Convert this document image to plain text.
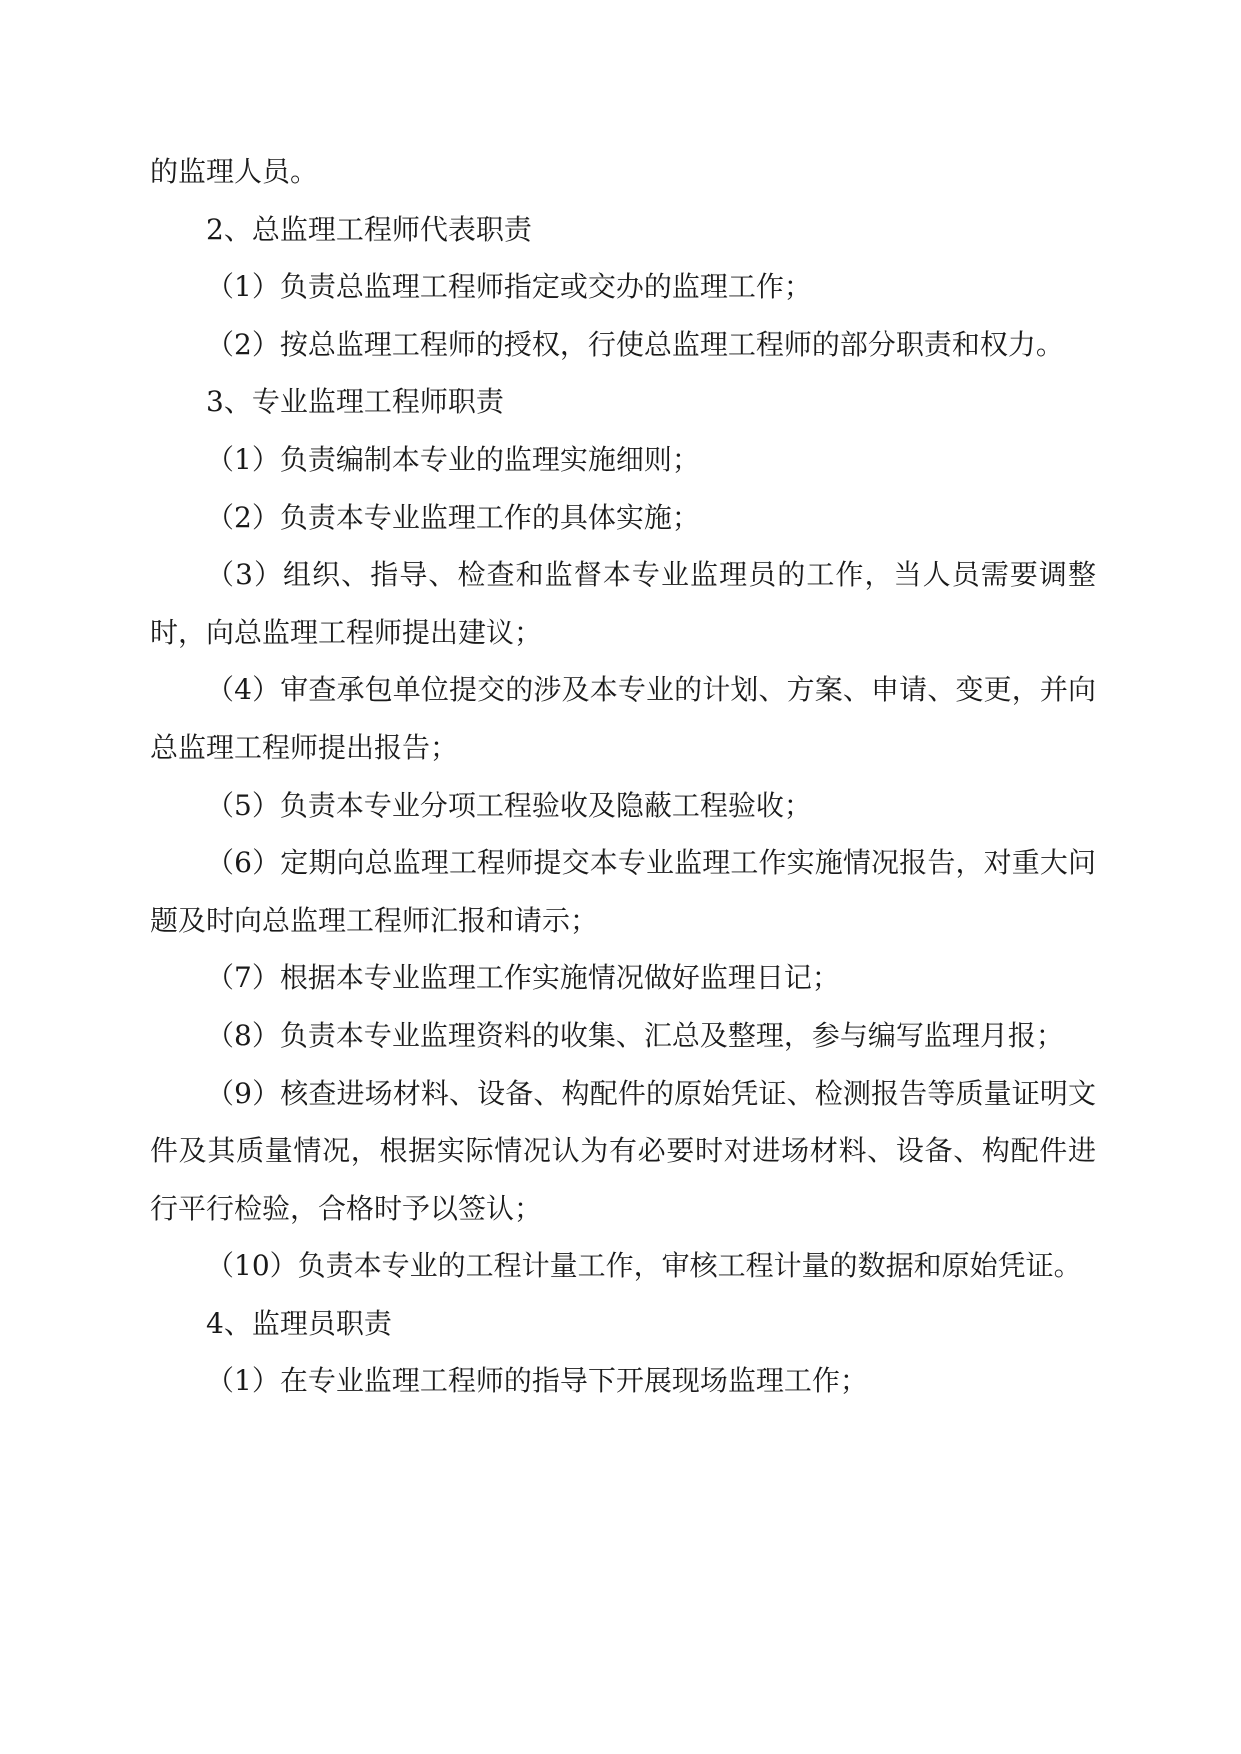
的监理人员。

2、总监理工程师代表职责

（1）负责总监理工程师指定或交办的监理工作；

（2）按总监理工程师的授权，行使总监理工程师的部分职责和权力。

3、专业监理工程师职责

（1）负责编制本专业的监理实施细则；

（2）负责本专业监理工作的具体实施；

（3）组织、指导、检查和监督本专业监理员的工作，当人员需要调整时，向总监理工程师提出建议；

（4）审查承包单位提交的涉及本专业的计划、方案、申请、变更，并向总监理工程师提出报告；

（5）负责本专业分项工程验收及隐蔽工程验收；

（6）定期向总监理工程师提交本专业监理工作实施情况报告，对重大问题及时向总监理工程师汇报和请示；

（7）根据本专业监理工作实施情况做好监理日记；

（8）负责本专业监理资料的收集、汇总及整理，参与编写监理月报；

（9）核查进场材料、设备、构配件的原始凭证、检测报告等质量证明文件及其质量情况，根据实际情况认为有必要时对进场材料、设备、构配件进行平行检验，合格时予以签认；

（10）负责本专业的工程计量工作，审核工程计量的数据和原始凭证。

4、监理员职责

（1）在专业监理工程师的指导下开展现场监理工作；
